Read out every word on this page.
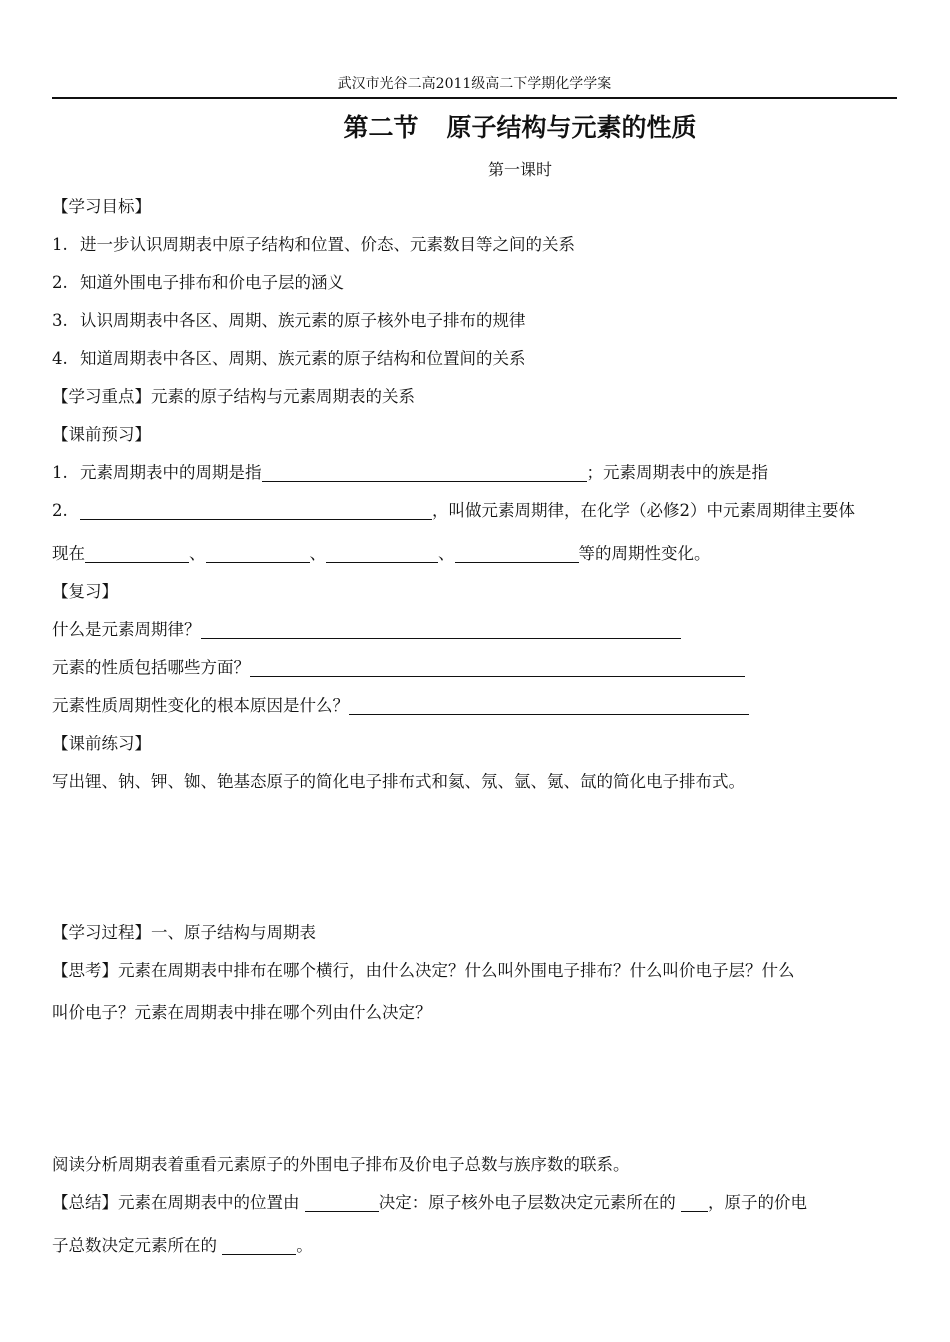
武汉市光谷二高2011级高二下学期化学学案
第二节 原子结构与元素的性质
第一课时
【学习目标】
1. 进一步认识周期表中原子结构和位置、价态、元素数目等之间的关系
2. 知道外围电子排布和价电子层的涵义
3. 认识周期表中各区、周期、族元素的原子核外电子排布的规律
4. 知道周期表中各区、周期、族元素的原子结构和位置间的关系
【学习重点】元素的原子结构与元素周期表的关系
【课前预习】
1. 元素周期表中的周期是指	；元素周期表中的族是指
2.	，叫做元素周期律，在化学（必修2）中元素周期律主要体
现在	、	、	、	等的周期性变化。
【复习】
什么是元素周期律？
元素的性质包括哪些方面？
元素性质周期性变化的根本原因是什么？
【课前练习】
写出锂、钠、钾、铷、铯基态原子的简化电子排布式和氦、氖、氩、氪、氙的简化电子排布式。
【学习过程】一、原子结构与周期表
【思考】元素在周期表中排布在哪个横行，由什么决定？什么叫外围电子排布？什么叫价电子层？什么
叫价电子？元素在周期表中排在哪个列由什么决定？
阅读分析周期表着重看元素原子的外围电子排布及价电子总数与族序数的联系。
【总结】元素在周期表中的位置由	决定：原子核外电子层数决定元素所在的 ，原子的价电
子总数决定元素所在的	。
